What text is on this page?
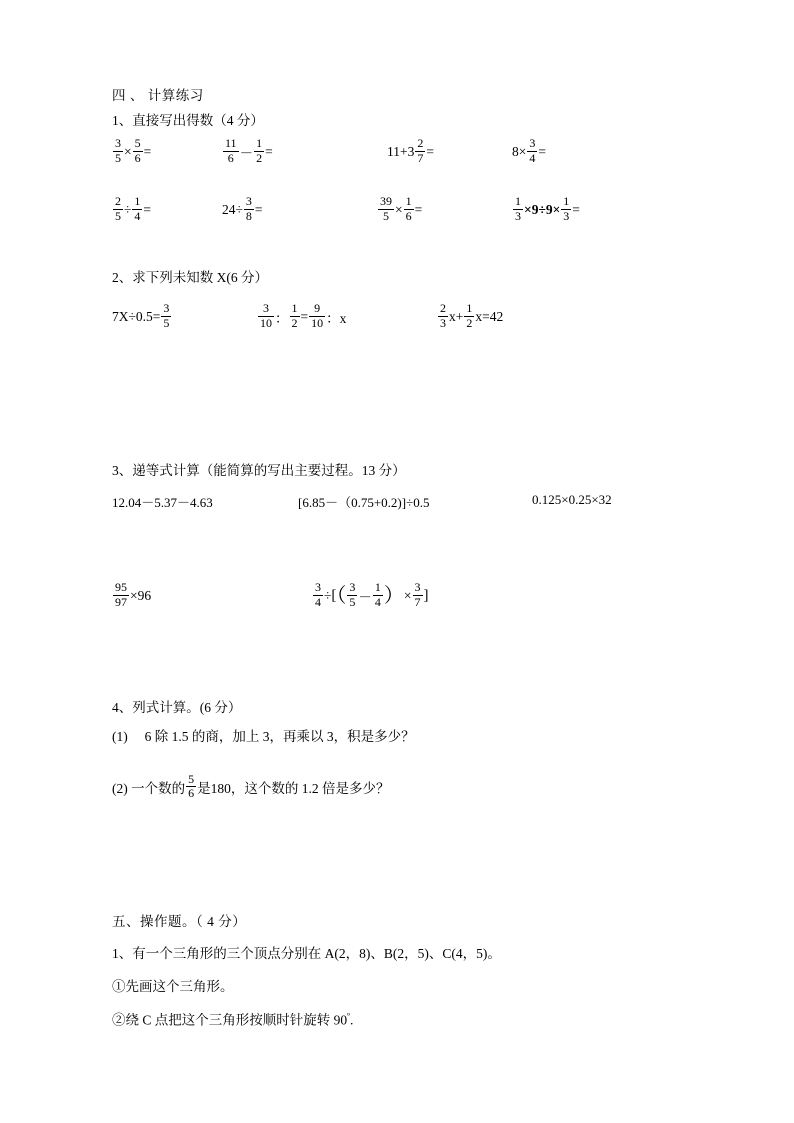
四 、 计算练习
1、直接写出得数（4 分）
$\frac{3}{5} \times \frac{5}{6}$ =	$\frac{11}{6} - \frac{1}{2}$ =	$11+3 \frac{2}{7}$ =	$8\times \frac{3}{4}$ =
$\frac{2}{5} \div \frac{1}{4}$ =	$24\div \frac{3}{8}$ =	$\frac{39}{5} \times \frac{1}{6}$ =	$\frac{1}{3} \times 9\div 9\times \frac{1}{3}$ =
2、求下列未知数 X(6 分）
$7X\div 0.5= \frac{3}{5}$	$\frac{3}{10}$ ： $\frac{1}{2} = \frac{9}{10}$ ：x	$\frac{2}{3} x+ \frac{1}{2} x=42$
3、递等式计算（能简算的写出主要过程。13 分）
12.04－5.37－4.63	[6.85－（0.75+0.2)]÷0.5	0.125×0.25×32
$\frac{95}{97} \times 96$	$\frac{3}{4}$ ÷[（ $\frac{3}{5} - \frac{1}{4}$ ）× $\frac{3}{7}$ ]
4、列式计算。(6 分）
(1)　 6 除 1.5 的商，加上 3，再乘以 3，积是多少？
(2) 一个数的 $\frac{5}{6}$ 是180，这个数的 1.2 倍是多少？
五、操作题。（ 4 分）
1、有一个三角形的三个顶点分别在 A(2，8)、B(2，5)、C(4，5)。
①先画这个三角形。
②绕 C 点把这个三角形按顺时针旋转 $90^º$.
